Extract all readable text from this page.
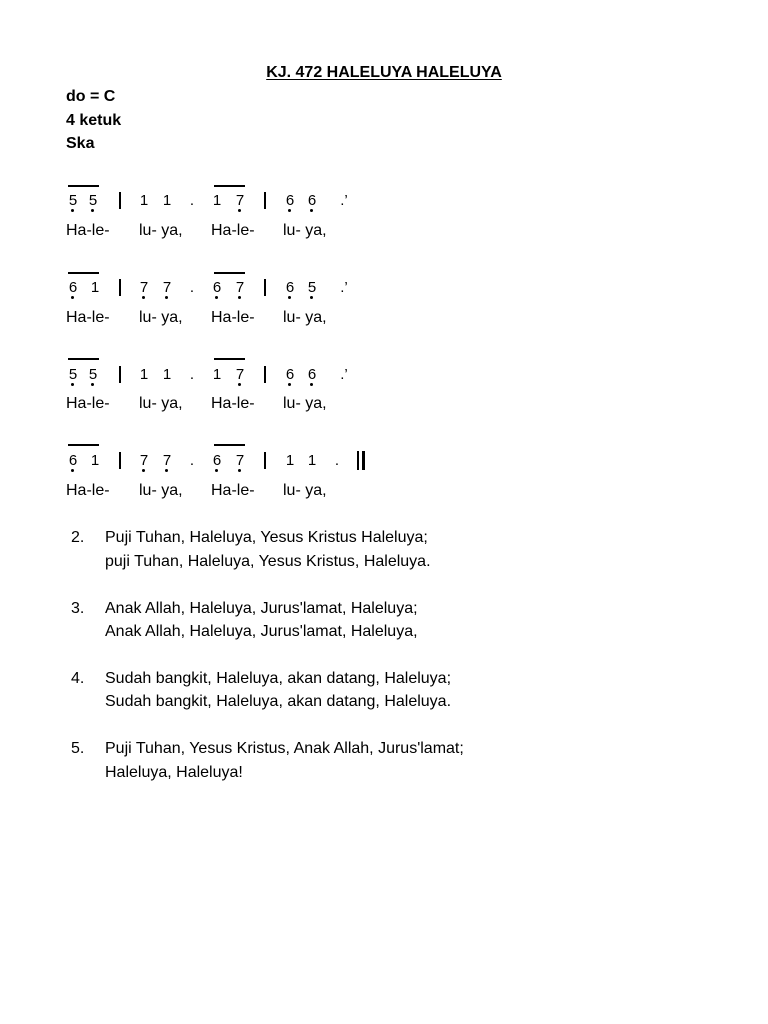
KJ. 472 HALELUYA HALELUYA
do = C
4 ketuk
Ska
5 5	1 1	.	1 7	6 6	.’
Ha-le- lu- ya, Ha-le- lu- ya,
6 1	7 7	.	6 7	6 5	.’
Ha-le- lu- ya, Ha-le- lu- ya,
5 5	1 1	.	1 7	6 6	.’
Ha-le- lu- ya, Ha-le- lu- ya,
6 1	7 7	.	6 7	1 1	.
Ha-le- lu- ya, Ha-le- lu- ya,
2. Puji Tuhan, Haleluya, Yesus Kristus Haleluya;
puji Tuhan, Haleluya, Yesus Kristus, Haleluya.
3. Anak Allah, Haleluya, Jurus'lamat, Haleluya;
Anak Allah, Haleluya, Jurus'lamat, Haleluya,
4. Sudah bangkit, Haleluya, akan datang, Haleluya;
Sudah bangkit, Haleluya, akan datang, Haleluya.
5. Puji Tuhan, Yesus Kristus, Anak Allah, Jurus'lamat;
Haleluya, Haleluya!
